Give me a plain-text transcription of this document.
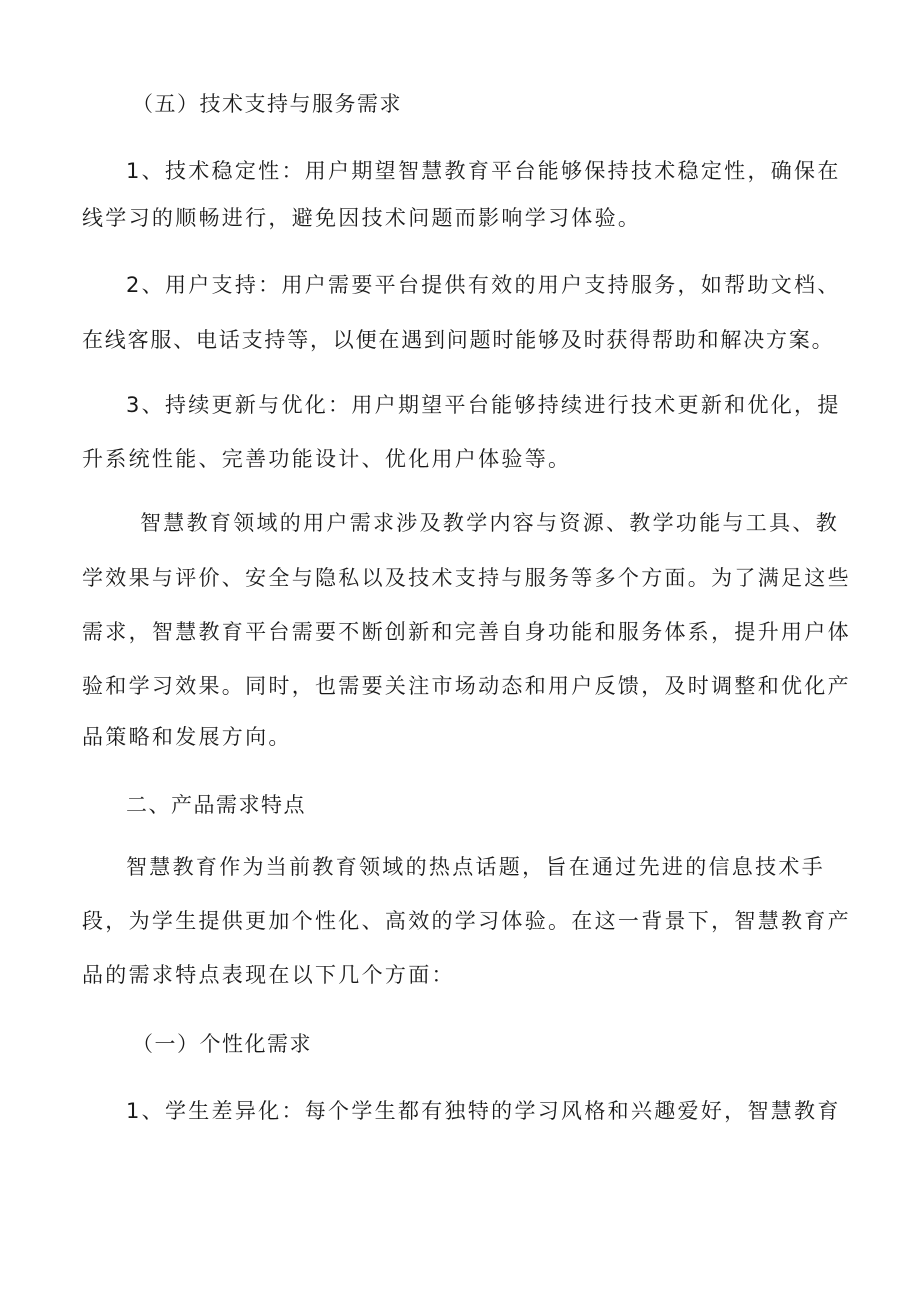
（五）技术支持与服务需求
1、技术稳定性：用户期望智慧教育平台能够保持技术稳定性，确保在
线学习的顺畅进行，避免因技术问题而影响学习体验。
2、用户支持：用户需要平台提供有效的用户支持服务，如帮助文档、
在线客服、电话支持等，以便在遇到问题时能够及时获得帮助和解决方案。
3、持续更新与优化：用户期望平台能够持续进行技术更新和优化，提
升系统性能、完善功能设计、优化用户体验等。
智慧教育领域的用户需求涉及教学内容与资源、教学功能与工具、教
学效果与评价、安全与隐私以及技术支持与服务等多个方面。为了满足这些
需求，智慧教育平台需要不断创新和完善自身功能和服务体系，提升用户体
验和学习效果。同时，也需要关注市场动态和用户反馈，及时调整和优化产
品策略和发展方向。
二、产品需求特点
智慧教育作为当前教育领域的热点话题，旨在通过先进的信息技术手
段，为学生提供更加个性化、高效的学习体验。在这一背景下，智慧教育产
品的需求特点表现在以下几个方面：
（一）个性化需求
1、学生差异化：每个学生都有独特的学习风格和兴趣爱好，智慧教育
